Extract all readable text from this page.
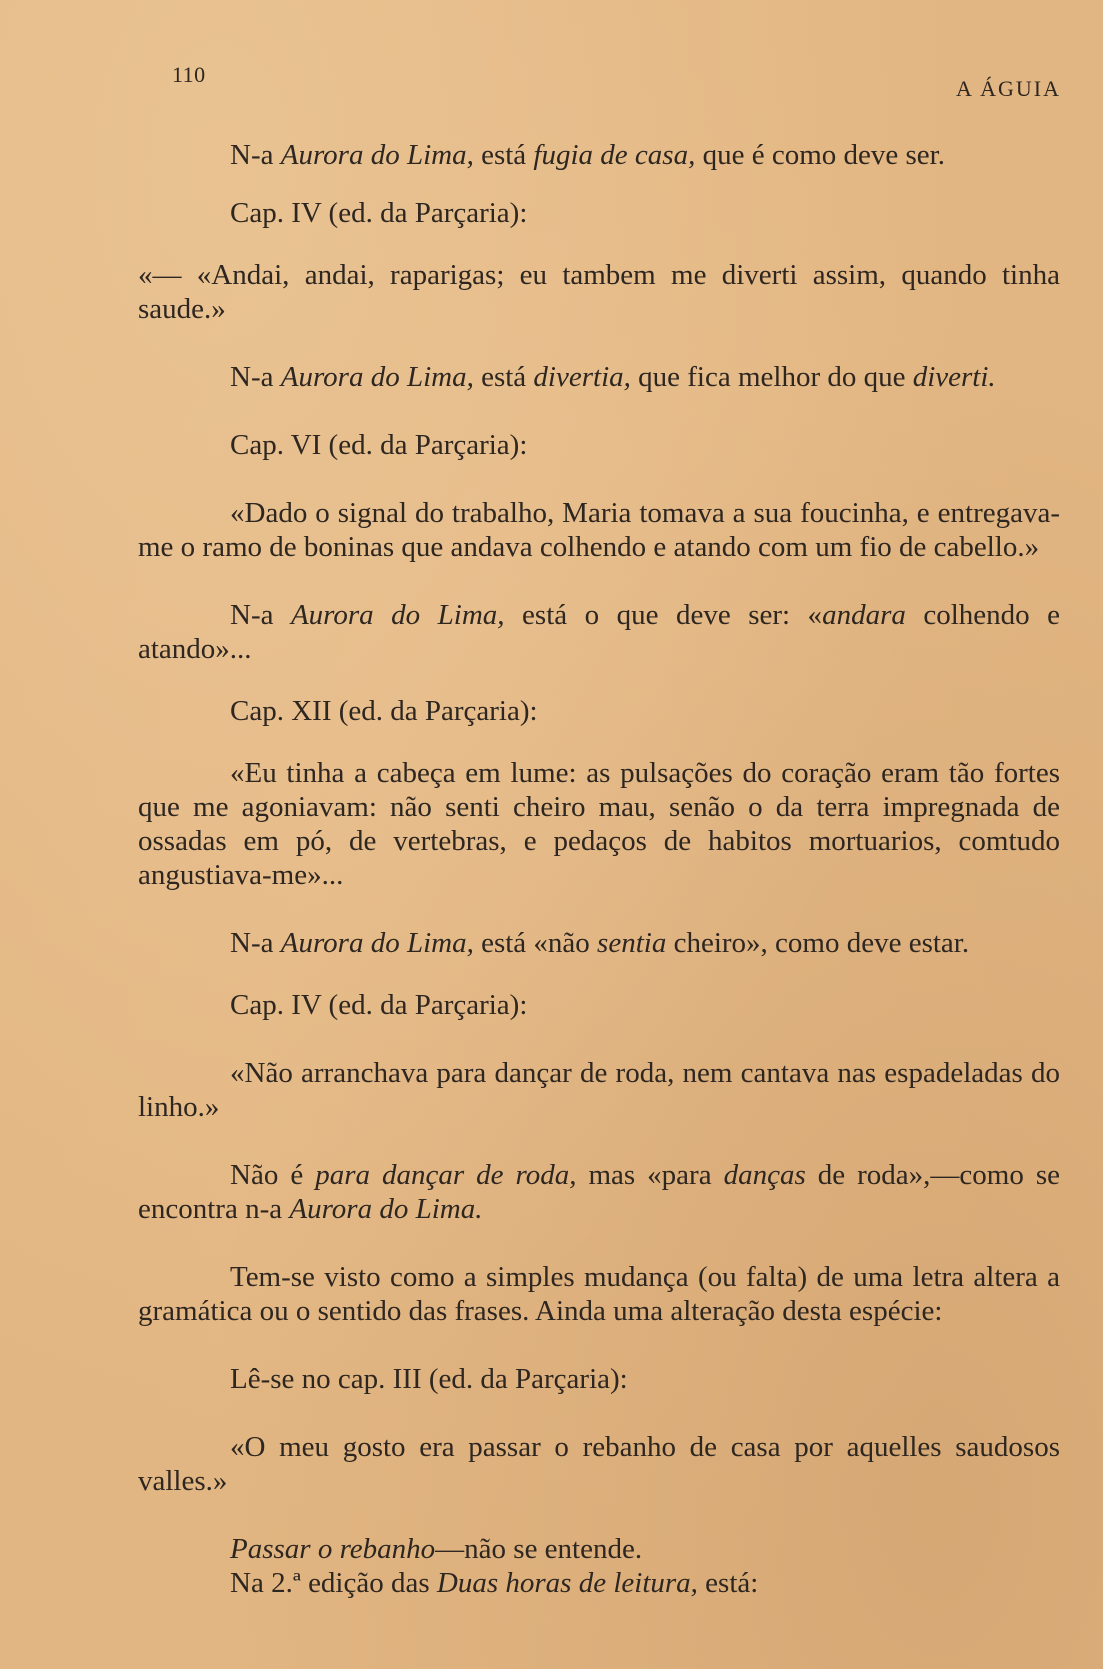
110
A ÁGUIA

N-a Aurora do Lima, está fugia de casa, que é como deve ser.

Cap. IV (ed. da Parçaria):

«— «Andai, andai, raparigas; eu tambem me diverti assim, quando tinha saude.»

N-a Aurora do Lima, está divertia, que fica melhor do que diverti.

Cap. VI (ed. da Parçaria):

«Dado o signal do trabalho, Maria tomava a sua foucinha, e entregava-me o ramo de boninas que andava colhendo e atando com um fio de cabello.»

N-a Aurora do Lima, está o que deve ser: «andara colhendo e atando»...

Cap. XII (ed. da Parçaria):

«Eu tinha a cabeça em lume: as pulsações do coração eram tão fortes que me agoniavam: não senti cheiro mau, senão o da terra impregnada de ossadas em pó, de vertebras, e pedaços de habitos mortuarios, comtudo angustiava-me»...

N-a Aurora do Lima, está «não sentia cheiro», como deve estar.

Cap. IV (ed. da Parçaria):

«Não arranchava para dançar de roda, nem cantava nas espadeladas do linho.»

Não é para dançar de roda, mas «para danças de roda»,—como se encontra n-a Aurora do Lima.

Tem-se visto como a simples mudança (ou falta) de uma letra altera a gramática ou o sentido das frases. Ainda uma alteração desta espécie:

Lê-se no cap. III (ed. da Parçaria):

«O meu gosto era passar o rebanho de casa por aquelles saudosos valles.»

Passar o rebanho—não se entende.

Na 2.ª edição das Duas horas de leitura, está:
